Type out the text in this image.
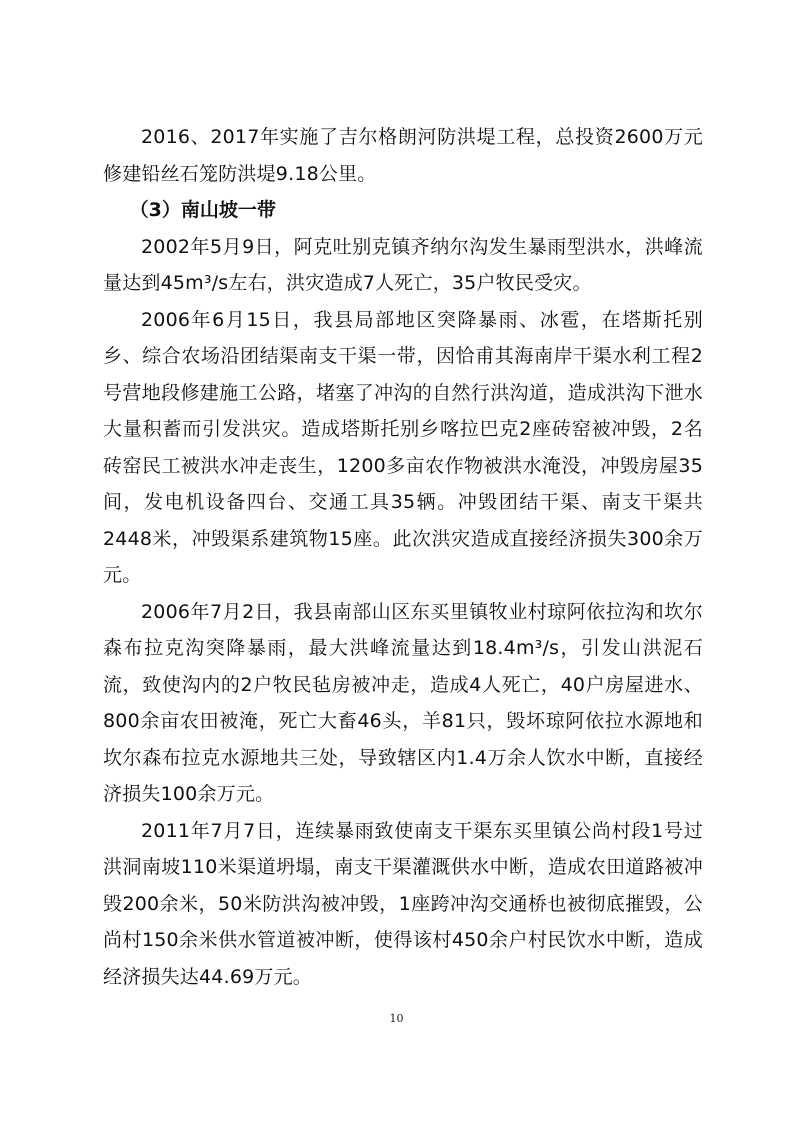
2016、2017年实施了吉尔格朗河防洪堤工程，总投资2600万元修建铅丝石笼防洪堤9.18公里。

（3）南山坡一带

2002年5月9日，阿克吐别克镇齐纳尔沟发生暴雨型洪水，洪峰流量达到45m³/s左右，洪灾造成7人死亡，35户牧民受灾。

2006年6月15日，我县局部地区突降暴雨、冰雹，在塔斯托别乡、综合农场沿团结渠南支干渠一带，因恰甫其海南岸干渠水利工程2号营地段修建施工公路，堵塞了冲沟的自然行洪沟道，造成洪沟下泄水大量积蓄而引发洪灾。造成塔斯托别乡喀拉巴克2座砖窑被冲毁，2名砖窑民工被洪水冲走丧生，1200多亩农作物被洪水淹没，冲毁房屋35间，发电机设备四台、交通工具35辆。冲毁团结干渠、南支干渠共2448米，冲毁渠系建筑物15座。此次洪灾造成直接经济损失300余万元。

2006年7月2日，我县南部山区东买里镇牧业村琼阿依拉沟和坎尔森布拉克沟突降暴雨，最大洪峰流量达到18.4m³/s，引发山洪泥石流，致使沟内的2户牧民毡房被冲走，造成4人死亡，40户房屋进水、800余亩农田被淹，死亡大畜46头，羊81只，毁坏琼阿依拉水源地和坎尔森布拉克水源地共三处，导致辖区内1.4万余人饮水中断，直接经济损失100余万元。

2011年7月7日，连续暴雨致使南支干渠东买里镇公尚村段1号过洪洞南坡110米渠道坍塌，南支干渠灌溉供水中断，造成农田道路被冲毁200余米，50米防洪沟被冲毁，1座跨冲沟交通桥也被彻底摧毁，公尚村150余米供水管道被冲断，使得该村450余户村民饮水中断，造成经济损失达44.69万元。

10
